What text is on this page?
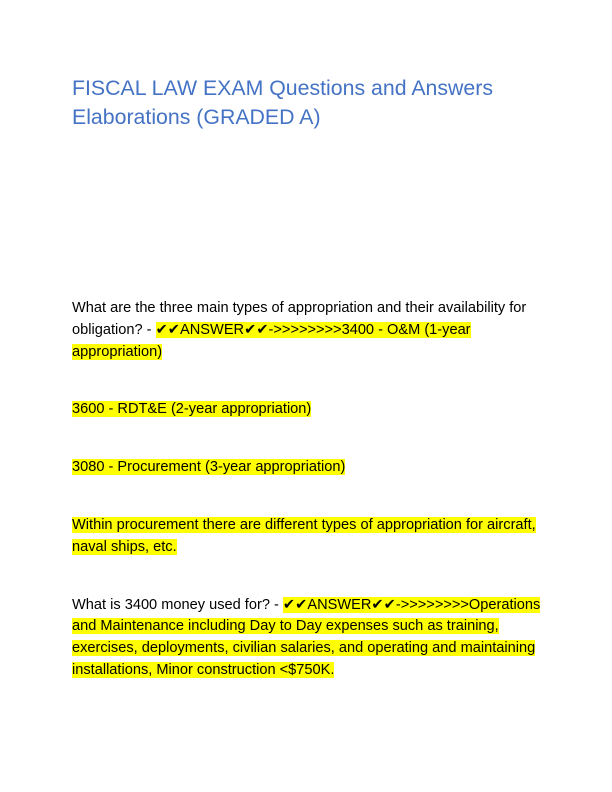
FISCAL LAW EXAM Questions and Answers Elaborations (GRADED A)

What are the three main types of appropriation and their availability for obligation? - ✔✔ANSWER✔✔->>>>>>>>3400 - O&M (1-year appropriation)

3600 - RDT&E (2-year appropriation)

3080 - Procurement (3-year appropriation)

Within procurement there are different types of appropriation for aircraft, naval ships, etc.

What is 3400 money used for? - ✔✔ANSWER✔✔->>>>>>>>Operations and Maintenance including Day to Day expenses such as training, exercises, deployments, civilian salaries, and operating and maintaining installations, Minor construction <$750K.
